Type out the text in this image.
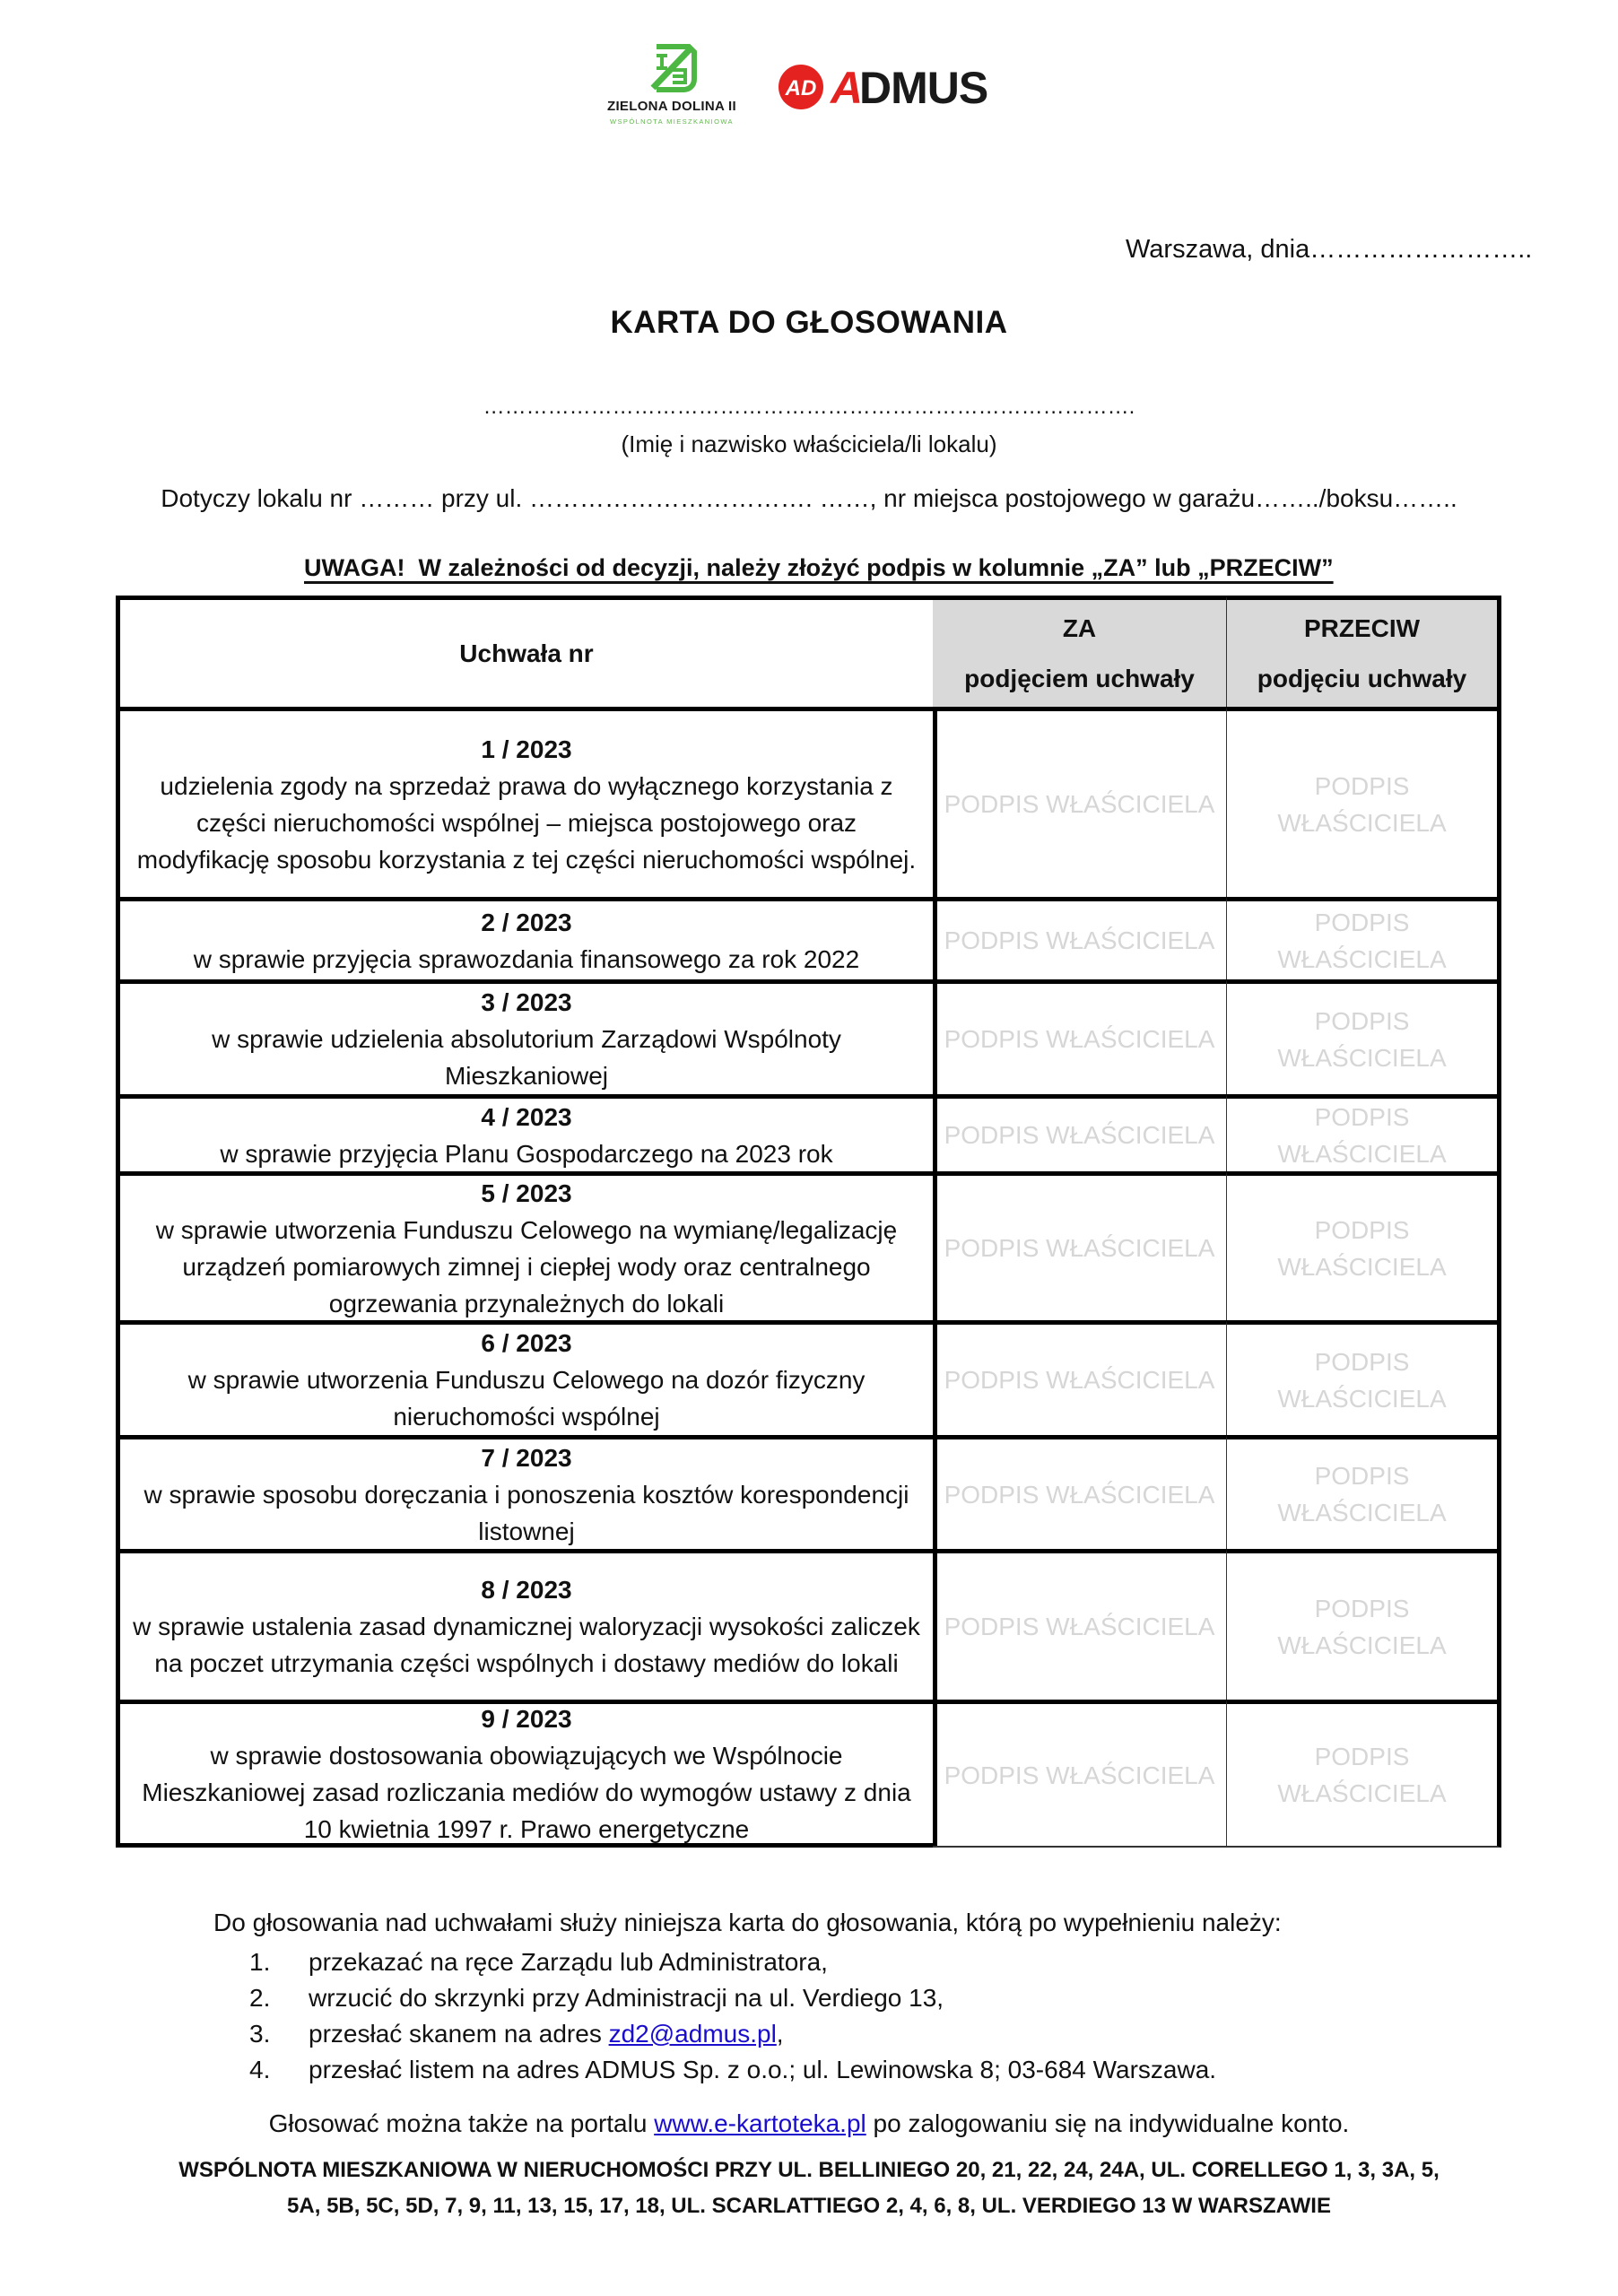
ZIELONA DOLINA II
WSPÓLNOTA MIESZKANIOWA
AD A
DMUS
Warszawa, dnia……………………..
KARTA DO GŁOSOWANIA
……………………………………………………………………………….
(Imię i nazwisko właściciela/li lokalu)
Dotyczy lokalu nr ……… przy ul. ……………………………. ……, nr miejsca postojowego w garażu……../boksu……..
UWAGA!  W zależności od decyzji, należy złożyć podpis w kolumnie „ZA” lub „PRZECIW”
Uchwała nr
ZA
podjęciem uchwały
PRZECIW
podjęciu uchwały
1 / 2023
udzielenia zgody na sprzedaż prawa do wyłącznego korzystania z części nieruchomości wspólnej – miejsca postojowego oraz modyfikację sposobu korzystania z tej części nieruchomości wspólnej.
PODPIS WŁAŚCICIELA
PODPIS WŁAŚCICIELA
2 / 2023
w sprawie przyjęcia sprawozdania finansowego za rok 2022
PODPIS WŁAŚCICIELA
PODPIS WŁAŚCICIELA
3 / 2023
w sprawie udzielenia absolutorium Zarządowi Wspólnoty Mieszkaniowej
PODPIS WŁAŚCICIELA
PODPIS WŁAŚCICIELA
4 / 2023
w sprawie przyjęcia Planu Gospodarczego na 2023 rok
PODPIS WŁAŚCICIELA
PODPIS WŁAŚCICIELA
5 / 2023
w sprawie utworzenia Funduszu Celowego na wymianę/legalizację urządzeń pomiarowych zimnej i ciepłej wody oraz centralnego ogrzewania przynależnych do lokali
PODPIS WŁAŚCICIELA
PODPIS WŁAŚCICIELA
6 / 2023
w sprawie utworzenia Funduszu Celowego na dozór fizyczny nieruchomości wspólnej
PODPIS WŁAŚCICIELA
PODPIS WŁAŚCICIELA
7 / 2023
w sprawie sposobu doręczania i ponoszenia kosztów korespondencji listownej
PODPIS WŁAŚCICIELA
PODPIS WŁAŚCICIELA
8 / 2023
w sprawie ustalenia zasad dynamicznej waloryzacji wysokości zaliczek na poczet utrzymania części wspólnych i dostawy mediów do lokali
PODPIS WŁAŚCICIELA
PODPIS WŁAŚCICIELA
9 / 2023
w sprawie dostosowania obowiązujących we Wspólnocie Mieszkaniowej zasad rozliczania mediów do wymogów ustawy z dnia 10 kwietnia 1997 r. Prawo energetyczne
PODPIS WŁAŚCICIELA
PODPIS WŁAŚCICIELA
Do głosowania nad uchwałami służy niniejsza karta do głosowania, którą po wypełnieniu należy:
1. przekazać na ręce Zarządu lub Administratora,
2. wrzucić do skrzynki przy Administracji na ul. Verdiego 13,
3. przesłać skanem na adres zd2@admus.pl,
4. przesłać listem na adres ADMUS Sp. z o.o.; ul. Lewinowska 8; 03-684 Warszawa.
Głosować można także na portalu www.e-kartoteka.pl po zalogowaniu się na indywidualne konto.
WSPÓLNOTA MIESZKANIOWA W NIERUCHOMOŚCI PRZY UL. BELLINIEGO 20, 21, 22, 24, 24A, UL. CORELLEGO 1, 3, 3A, 5,
5A, 5B, 5C, 5D, 7, 9, 11, 13, 15, 17, 18, UL. SCARLATTIEGO 2, 4, 6, 8, UL. VERDIEGO 13 W WARSZAWIE
